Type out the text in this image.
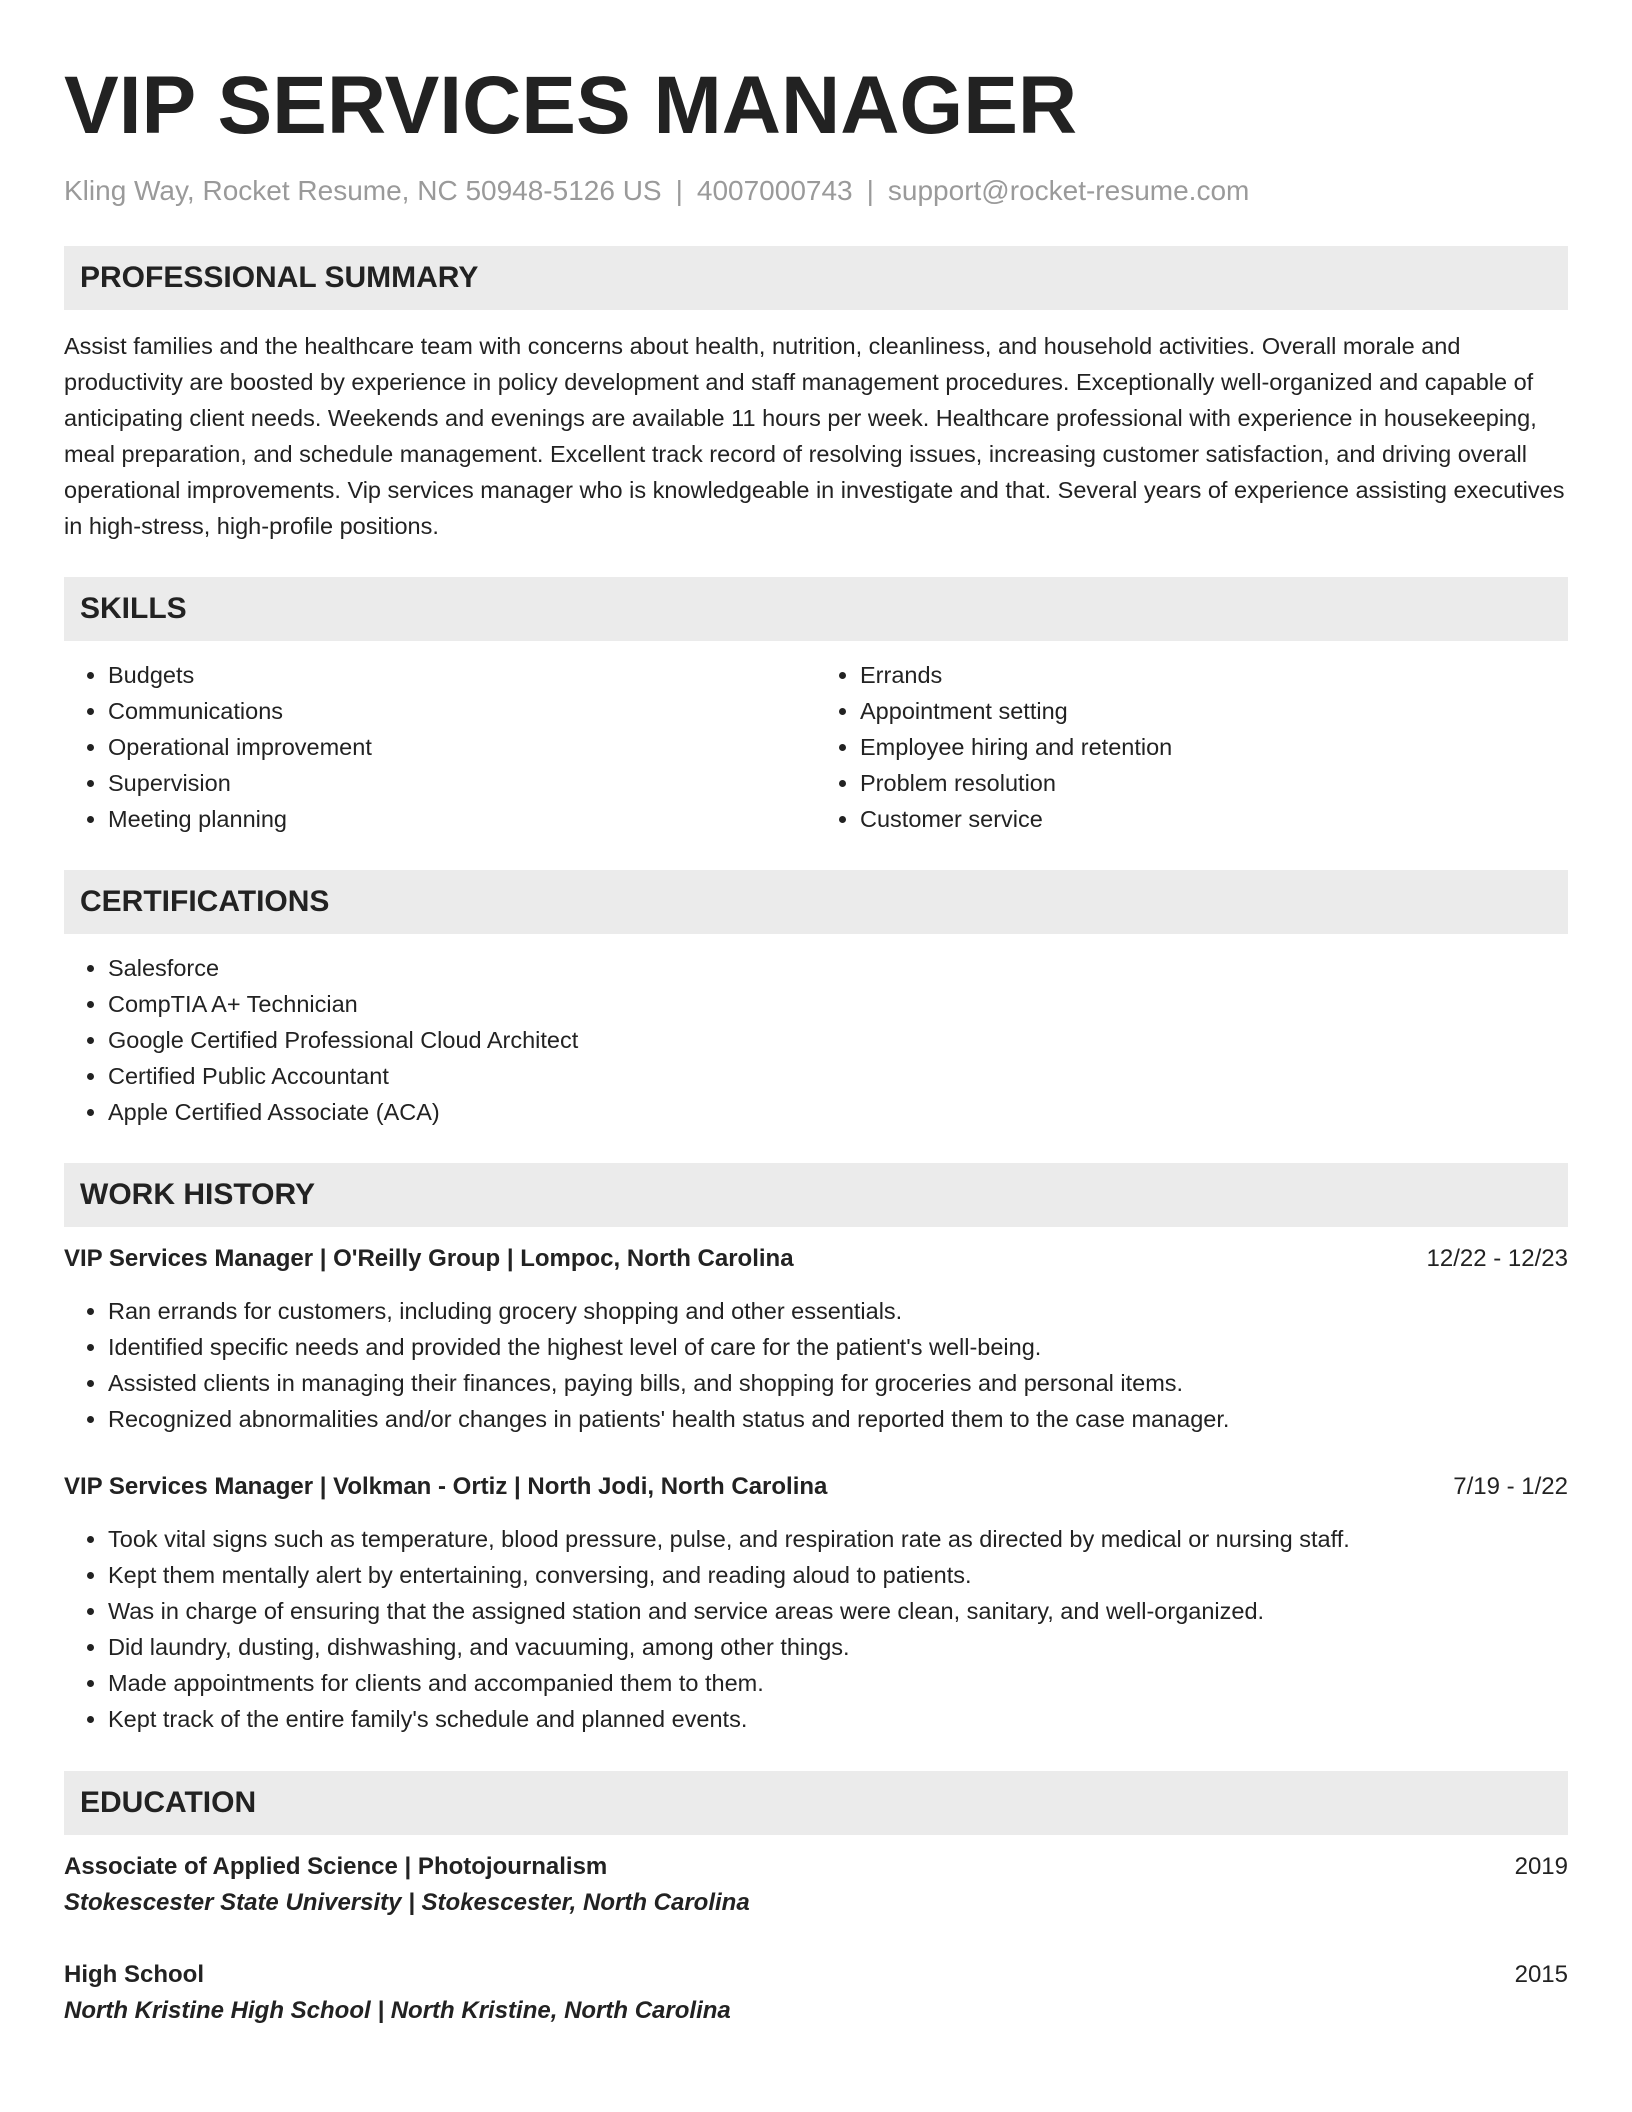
VIP SERVICES MANAGER
Kling Way, Rocket Resume, NC 50948-5126 US | 4007000743 | support@rocket-resume.com
PROFESSIONAL SUMMARY
Assist families and the healthcare team with concerns about health, nutrition, cleanliness, and household activities. Overall morale and productivity are boosted by experience in policy development and staff management procedures. Exceptionally well-organized and capable of anticipating client needs. Weekends and evenings are available 11 hours per week. Healthcare professional with experience in housekeeping, meal preparation, and schedule management. Excellent track record of resolving issues, increasing customer satisfaction, and driving overall operational improvements. Vip services manager who is knowledgeable in investigate and that. Several years of experience assisting executives in high-stress, high-profile positions.
SKILLS
• Budgets
• Communications
• Operational improvement
• Supervision
• Meeting planning
• Errands
• Appointment setting
• Employee hiring and retention
• Problem resolution
• Customer service
CERTIFICATIONS
• Salesforce
• CompTIA A+ Technician
• Google Certified Professional Cloud Architect
• Certified Public Accountant
• Apple Certified Associate (ACA)
WORK HISTORY
VIP Services Manager | O'Reilly Group | Lompoc, North Carolina	12/22 - 12/23
• Ran errands for customers, including grocery shopping and other essentials.
• Identified specific needs and provided the highest level of care for the patient's well-being.
• Assisted clients in managing their finances, paying bills, and shopping for groceries and personal items.
• Recognized abnormalities and/or changes in patients' health status and reported them to the case manager.
VIP Services Manager | Volkman - Ortiz | North Jodi, North Carolina	7/19 - 1/22
• Took vital signs such as temperature, blood pressure, pulse, and respiration rate as directed by medical or nursing staff.
• Kept them mentally alert by entertaining, conversing, and reading aloud to patients.
• Was in charge of ensuring that the assigned station and service areas were clean, sanitary, and well-organized.
• Did laundry, dusting, dishwashing, and vacuuming, among other things.
• Made appointments for clients and accompanied them to them.
• Kept track of the entire family's schedule and planned events.
EDUCATION
Associate of Applied Science | Photojournalism	2019
Stokescester State University | Stokescester, North Carolina
High School	2015
North Kristine High School | North Kristine, North Carolina
